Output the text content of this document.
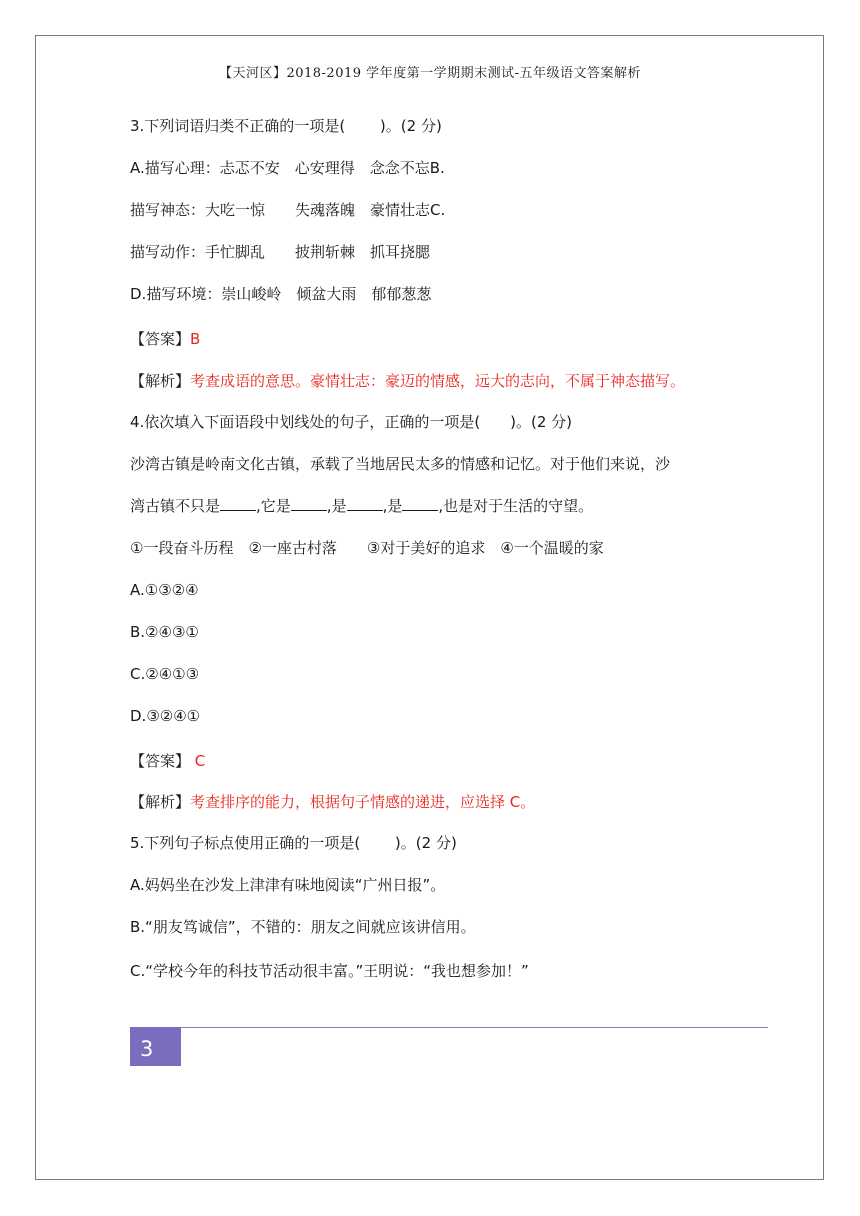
【天河区】2018-2019 学年度第一学期期末测试-五年级语文答案解析
3.下列词语归类不正确的一项是(　　 )。(2 分)
A.描写心理：忐忑不安　心安理得　念念不忘B.
描写神态：大吃一惊　　失魂落魄　豪情壮志C.
描写动作：手忙脚乱　　披荆斩棘　抓耳挠腮
D.描写环境：崇山峻岭　倾盆大雨　郁郁葱葱
【答案】B
【解析】考查成语的意思。豪情壮志：豪迈的情感，远大的志向，不属于神态描写。
4.依次填入下面语段中划线处的句子，正确的一项是(　　)。(2 分)
沙湾古镇是岭南文化古镇，承载了当地居民太多的情感和记忆。对于他们来说，沙
湾古镇不只是 ,它是 ,是 ,是 ,也是对于生活的守望。
①一段奋斗历程　②一座古村落　　③对于美好的追求　④一个温暖的家
A.①③②④
B.②④③①
C.②④①③
D.③②④①
【答案】 C
【解析】考查排序的能力，根据句子情感的递进，应选择 C。
5.下列句子标点使用正确的一项是(　　 )。(2 分)
A.妈妈坐在沙发上津津有味地阅读“广州日报”。
B.“朋友笃诚信”，不错的：朋友之间就应该讲信用。
C.“学校今年的科技节活动很丰富。”王明说：“我也想参加！”
3
